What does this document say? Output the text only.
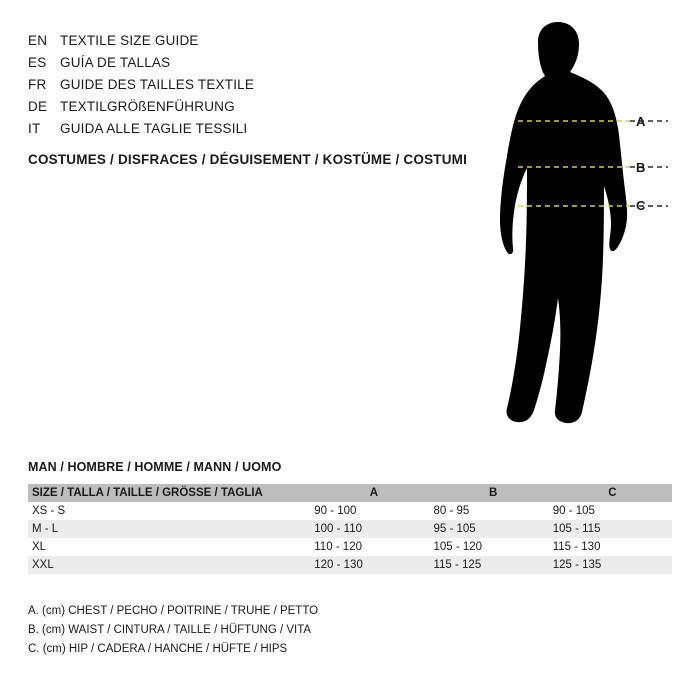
EN TEXTILE SIZE GUIDE
ES	GUÍA DE TALLAS
FR	GUIDE DES TAILLES TEXTILE
DE TEXTILGRÖßENFÜHRUNG
IT	GUIDA ALLE TAGLIE TESSILI
COSTUMES / DISFRACES / DÉGUISEMENT / KOSTÜME / COSTUMI
A
B
C
MAN / HOMBRE / HOMME / MANN / UOMO
SIZE / TALLA / TAILLE / GRÖSSE / TAGLIA	A	B	C
XS - S	90 - 100	80 - 95	90 - 105
M - L	100 - 110	95 - 105	105 - 115
XL	110 - 120	105 - 120	115 - 130
XXL	120 - 130	115 - 125	125 - 135
A. (cm) CHEST / PECHO / POITRINE / TRUHE / PETTO
B. (cm) WAIST / CINTURA / TAILLE / HÜFTUNG / VITA
C. (cm) HIP / CADERA / HANCHE / HÜFTE / HIPS
